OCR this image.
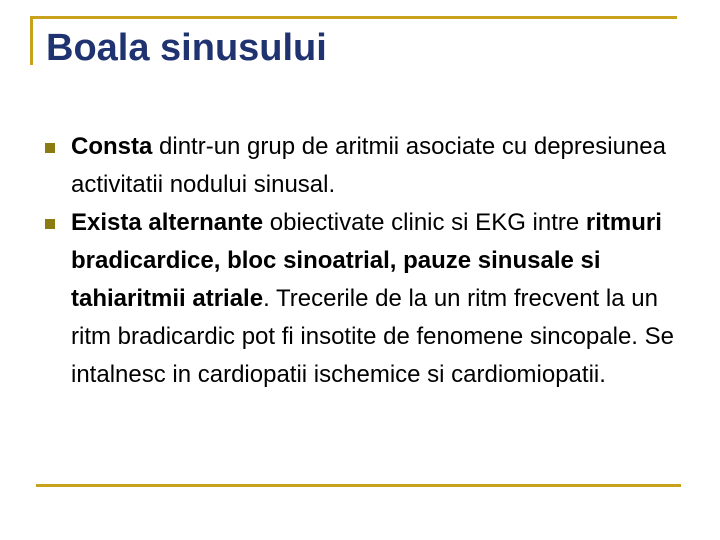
Boala sinusului
Consta dintr-un grup de aritmii asociate cu depresiunea activitatii nodului sinusal.
Exista alternante obiectivate clinic si EKG intre ritmuri bradicardice, bloc sinoatrial, pauze sinusale si tahiaritmii atriale. Trecerile de la un ritm frecvent la un ritm bradicardic pot fi insotite de fenomene sincopale. Se intalnesc in cardiopatii ischemice si cardiomiopatii.
